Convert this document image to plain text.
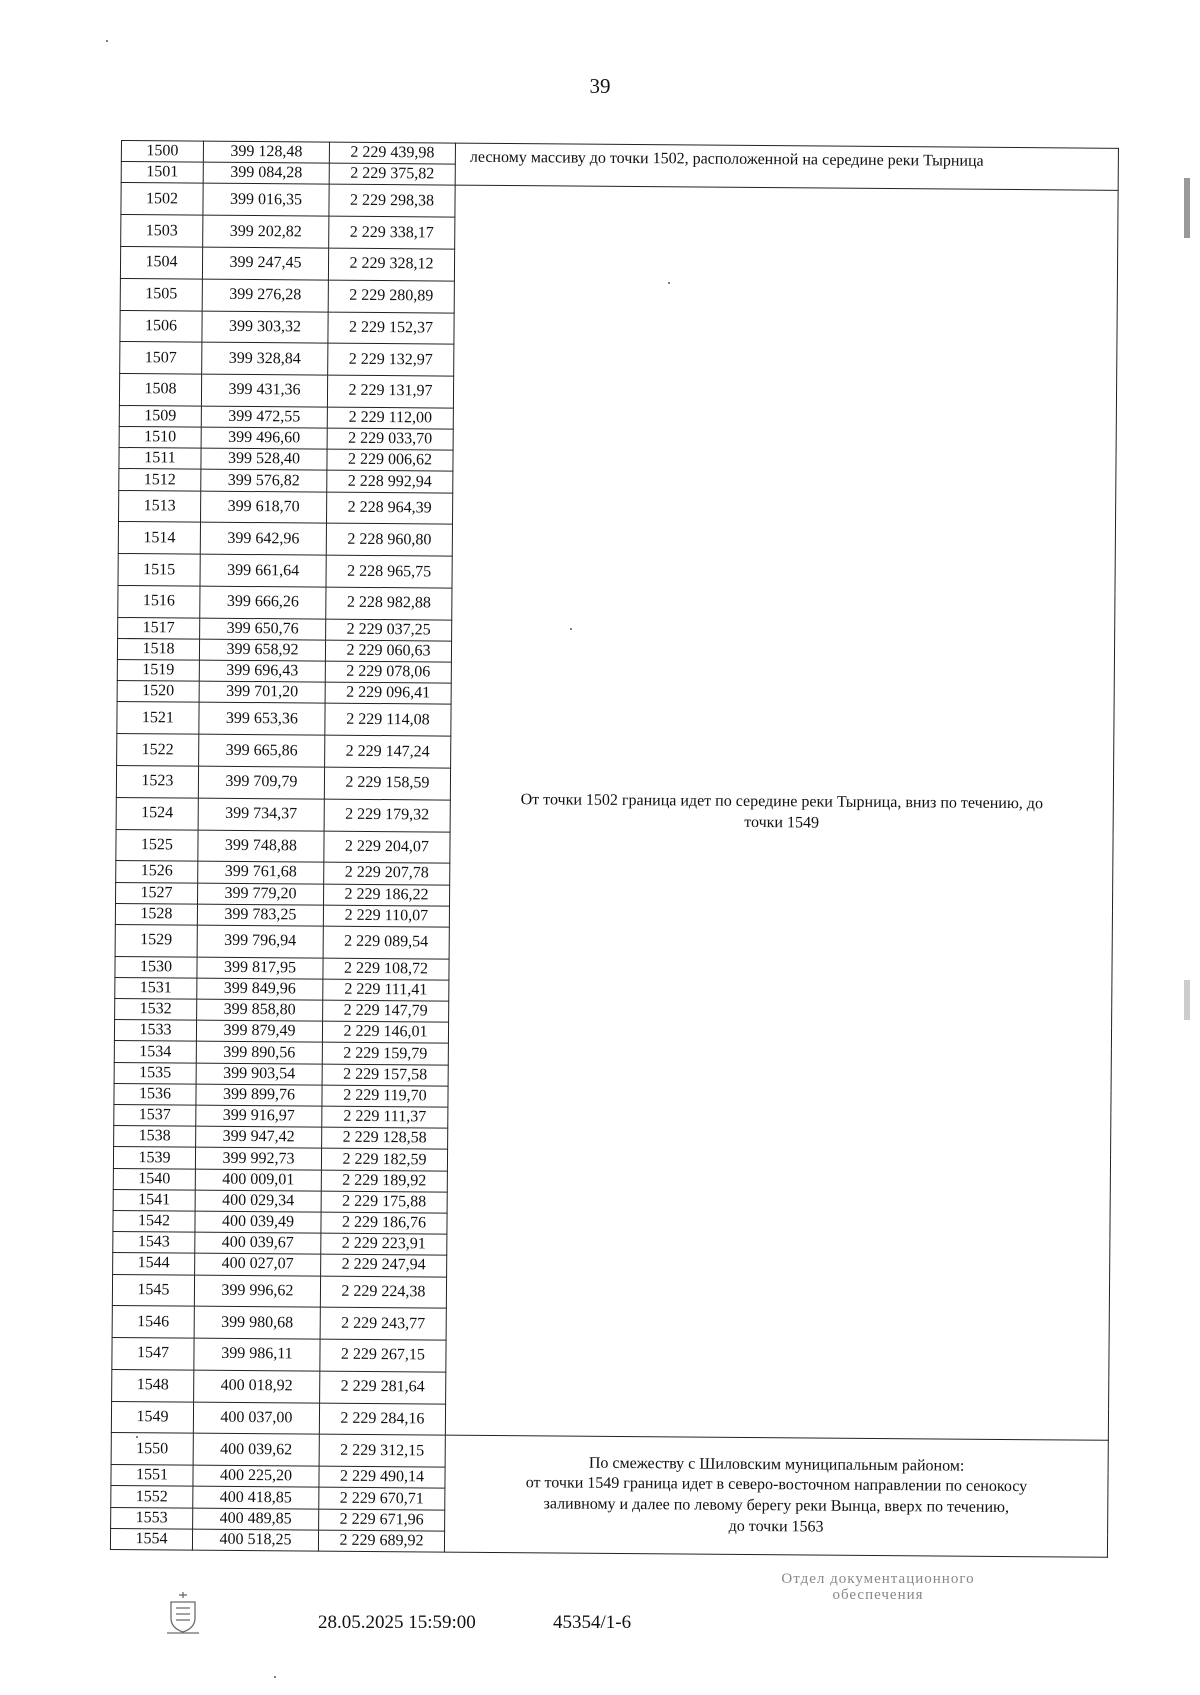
39
1500	399 128,48	2 229 439,98	лесному массиву до точки 1502, расположенной на середине реки Тырница

1501	399 084,28	2 229 375,82	
1502	399 016,35	2 229 298,38	От точки 1502 граница идет по середине реки Тырница, вниз по течению, до
точки 1549

1503	399 202,82	2 229 338,17	
1504	399 247,45	2 229 328,12	
1505	399 276,28	2 229 280,89	
1506	399 303,32	2 229 152,37	
1507	399 328,84	2 229 132,97	
1508	399 431,36	2 229 131,97	
1509	399 472,55	2 229 112,00	
1510	399 496,60	2 229 033,70	
1511	399 528,40	2 229 006,62	
1512	399 576,82	2 228 992,94	
1513	399 618,70	2 228 964,39	
1514	399 642,96	2 228 960,80	
1515	399 661,64	2 228 965,75	
1516	399 666,26	2 228 982,88	
1517	399 650,76	2 229 037,25	
1518	399 658,92	2 229 060,63	
1519	399 696,43	2 229 078,06	
1520	399 701,20	2 229 096,41	
1521	399 653,36	2 229 114,08	
1522	399 665,86	2 229 147,24	
1523	399 709,79	2 229 158,59	
1524	399 734,37	2 229 179,32	
1525	399 748,88	2 229 204,07	
1526	399 761,68	2 229 207,78	
1527	399 779,20	2 229 186,22	
1528	399 783,25	2 229 110,07	
1529	399 796,94	2 229 089,54	
1530	399 817,95	2 229 108,72	
1531	399 849,96	2 229 111,41	
1532	399 858,80	2 229 147,79	
1533	399 879,49	2 229 146,01	
1534	399 890,56	2 229 159,79	
1535	399 903,54	2 229 157,58	
1536	399 899,76	2 229 119,70	
1537	399 916,97	2 229 111,37	
1538	399 947,42	2 229 128,58	
1539	399 992,73	2 229 182,59	
1540	400 009,01	2 229 189,92	
1541	400 029,34	2 229 175,88	
1542	400 039,49	2 229 186,76	
1543	400 039,67	2 229 223,91	
1544	400 027,07	2 229 247,94	
1545	399 996,62	2 229 224,38	
1546	399 980,68	2 229 243,77	
1547	399 986,11	2 229 267,15	
1548	400 018,92	2 229 281,64	
1549	400 037,00	2 229 284,16	
1550	400 039,62	2 229 312,15	По смежеству с Шиловским муниципальным районом:
от точки 1549 граница идет в северо-восточном направлении по сенокосу
заливному и далее по левому берегу реки Вынца, вверх по течению,
до точки 1563

1551	400 225,20	2 229 490,14	
1552	400 418,85	2 229 670,71	
1553	400 489,85	2 229 671,96	
1554	400 518,25	2 229 689,92	
28.05.2025 15:59:00	45354/1-6
Отдел документационного
обеспечения
